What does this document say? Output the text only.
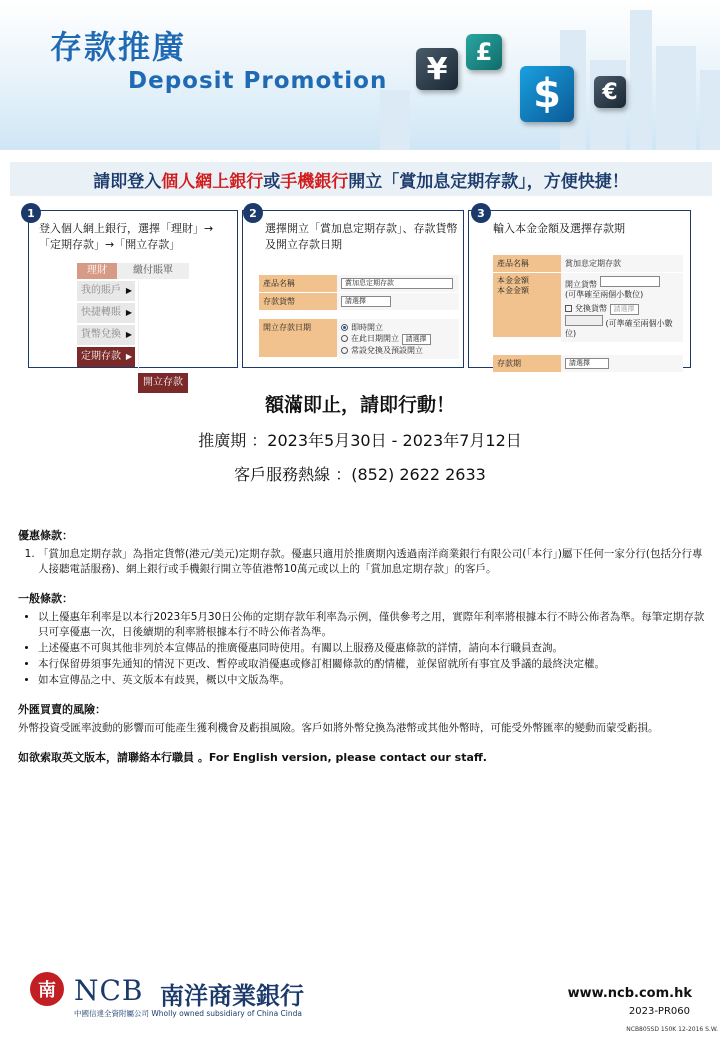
存款推廣
Deposit Promotion	¥	£
$	€
請即登入 個人網上銀行 或 手機銀行 開立「賞加息定期存款」，方便快捷！
1
登入個人網上銀行，選擇「理財」→「定期存款」→「開立存款」
理財	繳付賬單
我的賬戶 ▶
快捷轉賬 ▶
貨幣兌換 ▶
定期存款 ▶
開立存款
2
選擇開立「賞加息定期存款」、存款貨幣及開立存款日期
產品名稱	賞加息定期存款
存款貨幣	請選擇
開立存款日期	即時開立
在此日期開立 請選擇
常設兌換及預設開立
3
輸入本金金額及選擇存款期
產品名稱	賞加息定期存款
本金金額
本金金額
開立貨幣
(可準確至兩個小數位)
兌換貨幣 請選擇
(可準確至兩個小數位)
存款期	請選擇
額滿即止，請即行動！
推廣期 ：2023年5月30日 - 2023年7月12日
客戶服務熱線 ：(852) 2622 2633
優惠條款：
1. 「賞加息定期存款」為指定貨幣(港元/美元)定期存款。優惠只適用於推廣期內透過南洋商業銀行有限公司(「本行」)屬下任何一家分行(包括分行專人接聽電話服務)、網上銀行或手機銀行開立等值港幣10萬元或以上的「賞加息定期存款」的客戶。
一般條款：
• 以上優惠年利率是以本行2023年5月30日公佈的定期存款年利率為示例，僅供參考之用，實際年利率將根據本行不時公佈者為準。每筆定期存款只可享優惠一次，日後續期的利率將根據本行不時公佈者為準。
• 上述優惠不可與其他非列於本宣傳品的推廣優惠同時使用。有關以上服務及優惠條款的詳情，請向本行職員查詢。
• 本行保留毋須事先通知的情況下更改、暫停或取消優惠或修訂相關條款的酌情權，並保留就所有事宜及爭議的最終決定權。
• 如本宣傳品之中、英文版本有歧異，概以中文版為準。
外匯買賣的風險：

外幣投資受匯率波動的影響而可能產生獲利機會及虧損風險。客戶如將外幣兌換為港幣或其他外幣時，可能受外幣匯率的變動而蒙受虧損。

如欲索取英文版本，請聯絡本行職員 。For English version, please contact our staff.

南 NCB 南洋商業銀行
中國信達全資附屬公司 Wholly owned subsidiary of China Cinda
www.ncb.com.hk
2023-PR060
NCB805SD 150K 12-2016 S.W.
